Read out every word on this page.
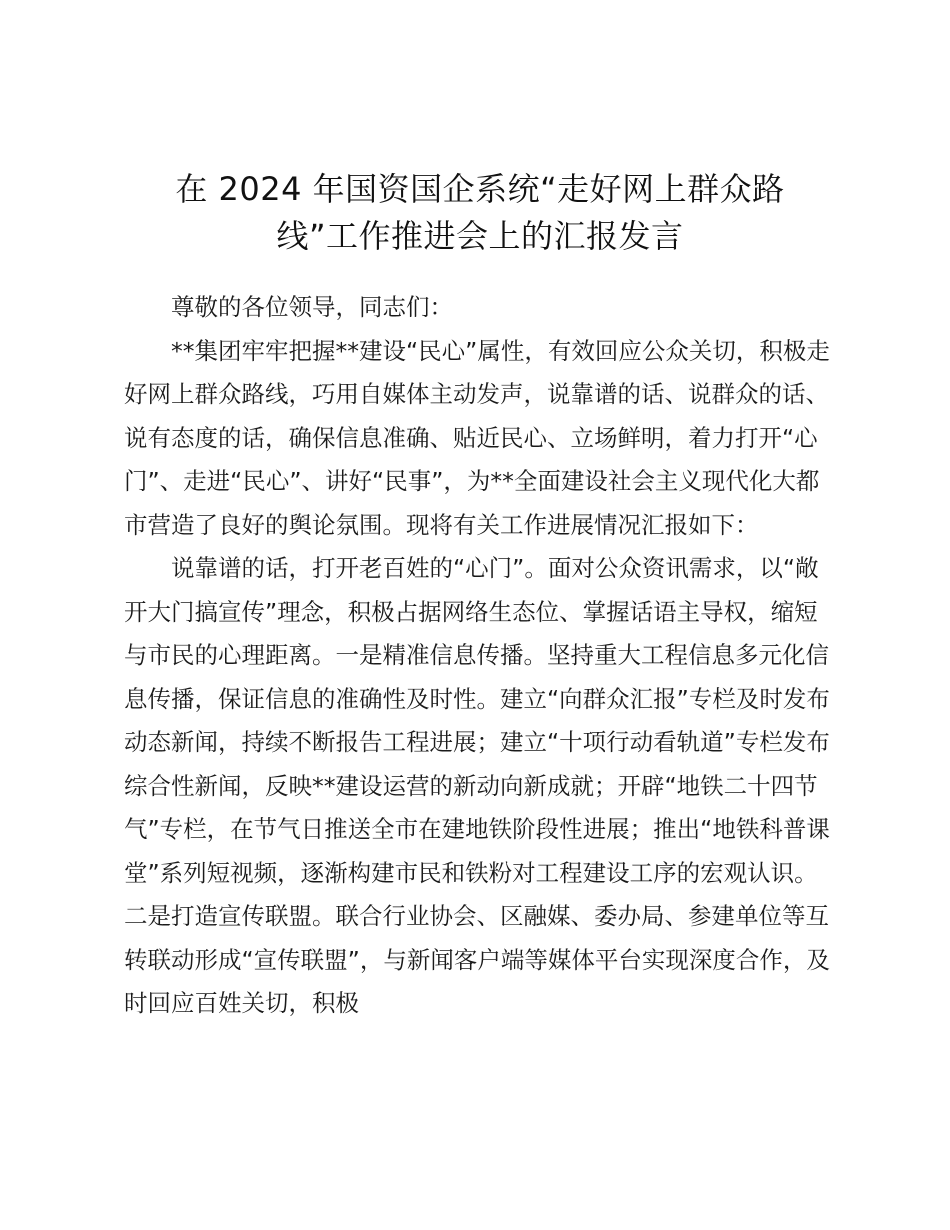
在 2024 年国资国企系统“走好网上群众路
线”工作推进会上的汇报发言

尊敬的各位领导，同志们：

**集团牢牢把握**建设“民心”属性，有效回应公众关切，积极走好网上群众路线，巧用自媒体主动发声，说靠谱的话、说群众的话、说有态度的话，确保信息准确、贴近民心、立场鲜明，着力打开“心门”、走进“民心”、讲好“民事”，为**全面建设社会主义现代化大都市营造了良好的舆论氛围。现将有关工作进展情况汇报如下：

说靠谱的话，打开老百姓的“心门”。面对公众资讯需求，以“敞开大门搞宣传”理念，积极占据网络生态位、掌握话语主导权，缩短与市民的心理距离。一是精准信息传播。坚持重大工程信息多元化信息传播，保证信息的准确性及时性。建立“向群众汇报”专栏及时发布动态新闻，持续不断报告工程进展；建立“十项行动看轨道”专栏发布综合性新闻，反映**建设运营的新动向新成就；开辟“地铁二十四节气”专栏，在节气日推送全市在建地铁阶段性进展；推出“地铁科普课堂”系列短视频，逐渐构建市民和铁粉对工程建设工序的宏观认识。二是打造宣传联盟。联合行业协会、区融媒、委办局、参建单位等互转联动形成“宣传联盟”，与新闻客户端等媒体平台实现深度合作，及时回应百姓关切，积极
